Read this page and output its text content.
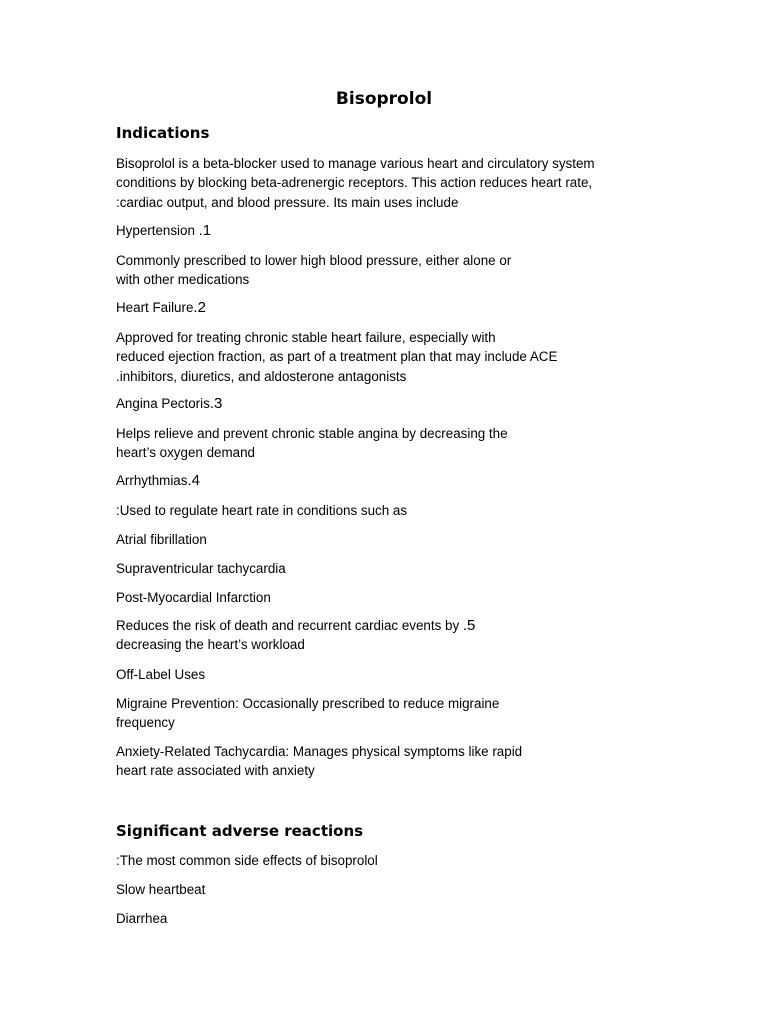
Bisoprolol
Indications
Bisoprolol is a beta-blocker used to manage various heart and circulatory system
conditions by blocking beta-adrenergic receptors. This action reduces heart rate,
:cardiac output, and blood pressure. Its main uses include
Hypertension .1
Commonly prescribed to lower high blood pressure, either alone or
with other medications
Heart Failure.2
Approved for treating chronic stable heart failure, especially with
reduced ejection fraction, as part of a treatment plan that may include ACE
.inhibitors, diuretics, and aldosterone antagonists
Angina Pectoris.3
Helps relieve and prevent chronic stable angina by decreasing the
heart’s oxygen demand
Arrhythmias.4
:Used to regulate heart rate in conditions such as
Atrial fibrillation
Supraventricular tachycardia
Post-Myocardial Infarction
Reduces the risk of death and recurrent cardiac events by .5
decreasing the heart’s workload
Off-Label Uses
Migraine Prevention: Occasionally prescribed to reduce migraine
frequency
Anxiety-Related Tachycardia: Manages physical symptoms like rapid
heart rate associated with anxiety
Significant adverse reactions
:The most common side effects of bisoprolol
Slow heartbeat
Diarrhea
